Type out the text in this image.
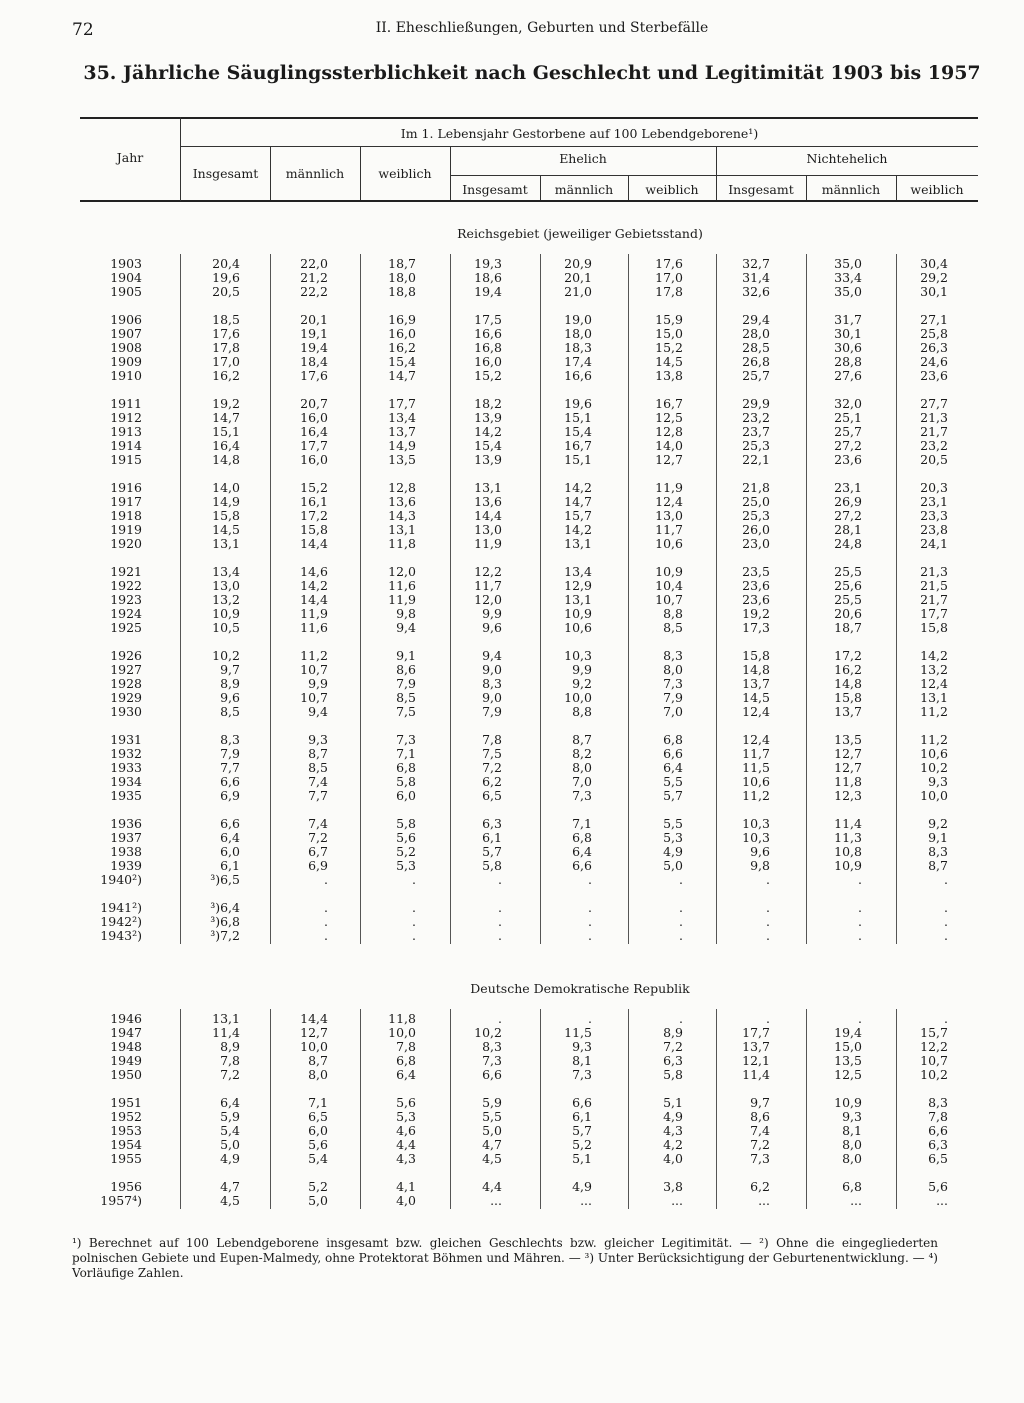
72	II. Eheschließungen, Geburten und Sterbefälle
35. Jährliche Säuglingssterblichkeit nach Geschlecht und Legitimität 1903 bis 1957
Jahr
Im 1. Lebensjahr Gestorbene auf 100 Lebendgeborene¹)
Ehelich	Nichtehelich
Insgesamt	männlich	weiblich
Insgesamt	männlich	weiblich	Insgesamt	männlich	weiblich
Reichsgebiet (jeweiliger Gebietsstand)
1903	20,4	22,0	18,7	19,3	20,9	17,6	32,7	35,0	30,4
1904	19,6	21,2	18,0	18,6	20,1	17,0	31,4	33,4	29,2
1905	20,5	22,2	18,8	19,4	21,0	17,8	32,6	35,0	30,1
1906	18,5	20,1	16,9	17,5	19,0	15,9	29,4	31,7	27,1
1907	17,6	19,1	16,0	16,6	18,0	15,0	28,0	30,1	25,8
1908	17,8	19,4	16,2	16,8	18,3	15,2	28,5	30,6	26,3
1909	17,0	18,4	15,4	16,0	17,4	14,5	26,8	28,8	24,6
1910	16,2	17,6	14,7	15,2	16,6	13,8	25,7	27,6	23,6
1911	19,2	20,7	17,7	18,2	19,6	16,7	29,9	32,0	27,7
1912	14,7	16,0	13,4	13,9	15,1	12,5	23,2	25,1	21,3
1913	15,1	16,4	13,7	14,2	15,4	12,8	23,7	25,7	21,7
1914	16,4	17,7	14,9	15,4	16,7	14,0	25,3	27,2	23,2
1915	14,8	16,0	13,5	13,9	15,1	12,7	22,1	23,6	20,5
1916	14,0	15,2	12,8	13,1	14,2	11,9	21,8	23,1	20,3
1917	14,9	16,1	13,6	13,6	14,7	12,4	25,0	26,9	23,1
1918	15,8	17,2	14,3	14,4	15,7	13,0	25,3	27,2	23,3
1919	14,5	15,8	13,1	13,0	14,2	11,7	26,0	28,1	23,8
1920	13,1	14,4	11,8	11,9	13,1	10,6	23,0	24,8	24,1
1921	13,4	14,6	12,0	12,2	13,4	10,9	23,5	25,5	21,3
1922	13,0	14,2	11,6	11,7	12,9	10,4	23,6	25,6	21,5
1923	13,2	14,4	11,9	12,0	13,1	10,7	23,6	25,5	21,7
1924	10,9	11,9	9,8	9,9	10,9	8,8	19,2	20,6	17,7
1925	10,5	11,6	9,4	9,6	10,6	8,5	17,3	18,7	15,8
1926	10,2	11,2	9,1	9,4	10,3	8,3	15,8	17,2	14,2
1927	9,7	10,7	8,6	9,0	9,9	8,0	14,8	16,2	13,2
1928	8,9	9,9	7,9	8,3	9,2	7,3	13,7	14,8	12,4
1929	9,6	10,7	8,5	9,0	10,0	7,9	14,5	15,8	13,1
1930	8,5	9,4	7,5	7,9	8,8	7,0	12,4	13,7	11,2
1931	8,3	9,3	7,3	7,8	8,7	6,8	12,4	13,5	11,2
1932	7,9	8,7	7,1	7,5	8,2	6,6	11,7	12,7	10,6
1933	7,7	8,5	6,8	7,2	8,0	6,4	11,5	12,7	10,2
1934	6,6	7,4	5,8	6,2	7,0	5,5	10,6	11,8	9,3
1935	6,9	7,7	6,0	6,5	7,3	5,7	11,2	12,3	10,0
1936	6,6	7,4	5,8	6,3	7,1	5,5	10,3	11,4	9,2
1937	6,4	7,2	5,6	6,1	6,8	5,3	10,3	11,3	9,1
1938	6,0	6,7	5,2	5,7	6,4	4,9	9,6	10,8	8,3
1939	6,1	6,9	5,3	5,8	6,6	5,0	9,8	10,9	8,7
1940²)	³)6,5	.	.	.	.	.	.	.	.
1941²)	³)6,4	.	.	.	.	.	.	.	.
1942²)	³)6,8	.	.	.	.	.	.	.	.
1943²)	³)7,2	.	.	.	.	.	.	.	.
Deutsche Demokratische Republik
1946	13,1	14,4	11,8	.	.	.	.	.	.
1947	11,4	12,7	10,0	10,2	11,5	8,9	17,7	19,4	15,7
1948	8,9	10,0	7,8	8,3	9,3	7,2	13,7	15,0	12,2
1949	7,8	8,7	6,8	7,3	8,1	6,3	12,1	13,5	10,7
1950	7,2	8,0	6,4	6,6	7,3	5,8	11,4	12,5	10,2
1951	6,4	7,1	5,6	5,9	6,6	5,1	9,7	10,9	8,3
1952	5,9	6,5	5,3	5,5	6,1	4,9	8,6	9,3	7,8
1953	5,4	6,0	4,6	5,0	5,7	4,3	7,4	8,1	6,6
1954	5,0	5,6	4,4	4,7	5,2	4,2	7,2	8,0	6,3
1955	4,9	5,4	4,3	4,5	5,1	4,0	7,3	8,0	6,5
1956	4,7	5,2	4,1	4,4	4,9	3,8	6,2	6,8	5,6
1957⁴)	4,5	5,0	4,0	...	...	...	...	...	...
¹) Berechnet auf 100 Lebendgeborene insgesamt bzw. gleichen Geschlechts bzw. gleicher Legitimität. — ²) Ohne die eingegliederten polnischen Gebiete und Eupen-Malmedy, ohne Protektorat Böhmen und Mähren. — ³) Unter Berücksichtigung der Geburtenentwicklung. — ⁴) Vorläufige Zahlen.
